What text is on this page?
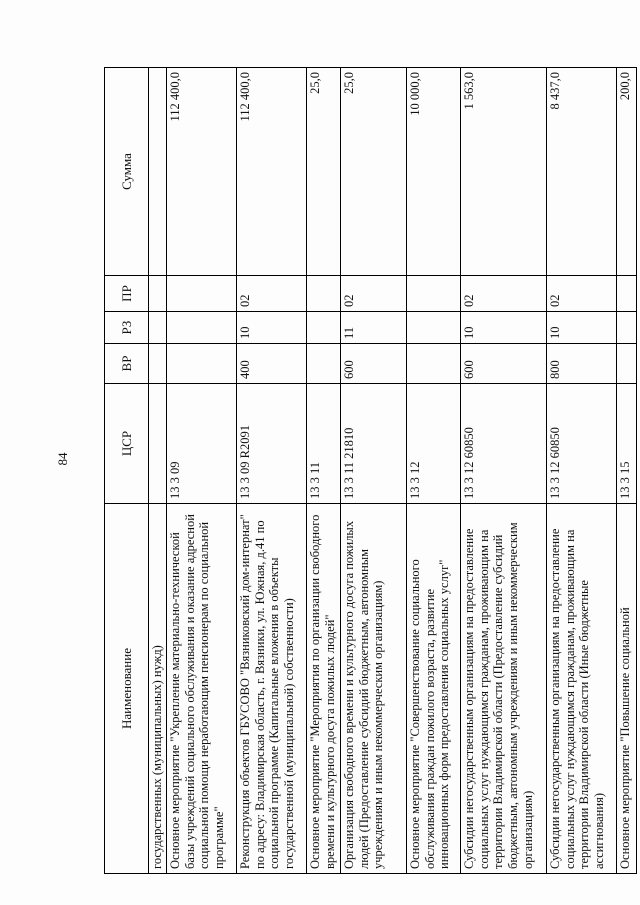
84
Наименование	ЦСР	ВР	РЗ	ПР	Сумма
государственных (муниципальных) нужд)					
Основное мероприятие "Укрепление материально-технической базы учреждений социального обслуживания и оказание адресной социальной помощи неработающим пенсионерам по социальной программе"	13 3 09				112 400,0
Реконструкция объектов ГБУСОВО "Вязниковский дом-интернат" по адресу: Владимирская область, г. Вязники, ул. Южная, д.41 по социальной программе (Капитальные вложения в объекты государственной (муниципальной) собственности)	13 3 09 R2091	400	10	02	112 400,0
Основное мероприятие "Мероприятия по организации свободного времени и культурного досуга пожилых людей"	13 3 11				25,0
Организация свободного времени и культурного досуга пожилых людей (Предоставление субсидий бюджетным, автономным учреждениям и иным некоммерческим организациям)	13 3 11 21810	600	11	02	25,0
Основное мероприятие "Совершенствование социального обслуживания граждан пожилого возраста, развитие инновационных форм предоставления социальных услуг"	13 3 12				10 000,0
Субсидии негосударственным организациям на предоставление социальных услуг нуждающимся гражданам, проживающим на территории Владимирской области (Предоставление субсидий бюджетным, автономным учреждениям и иным некоммерческим организациям)	13 3 12 60850	600	10	02	1 563,0
Субсидии негосударственным организациям на предоставление социальных услуг нуждающимся гражданам, проживающим на территории Владимирской области (Иные бюджетные ассигнования)	13 3 12 60850	800	10	02	8 437,0
Основное мероприятие "Повышение социальной	13 3 15				200,0
